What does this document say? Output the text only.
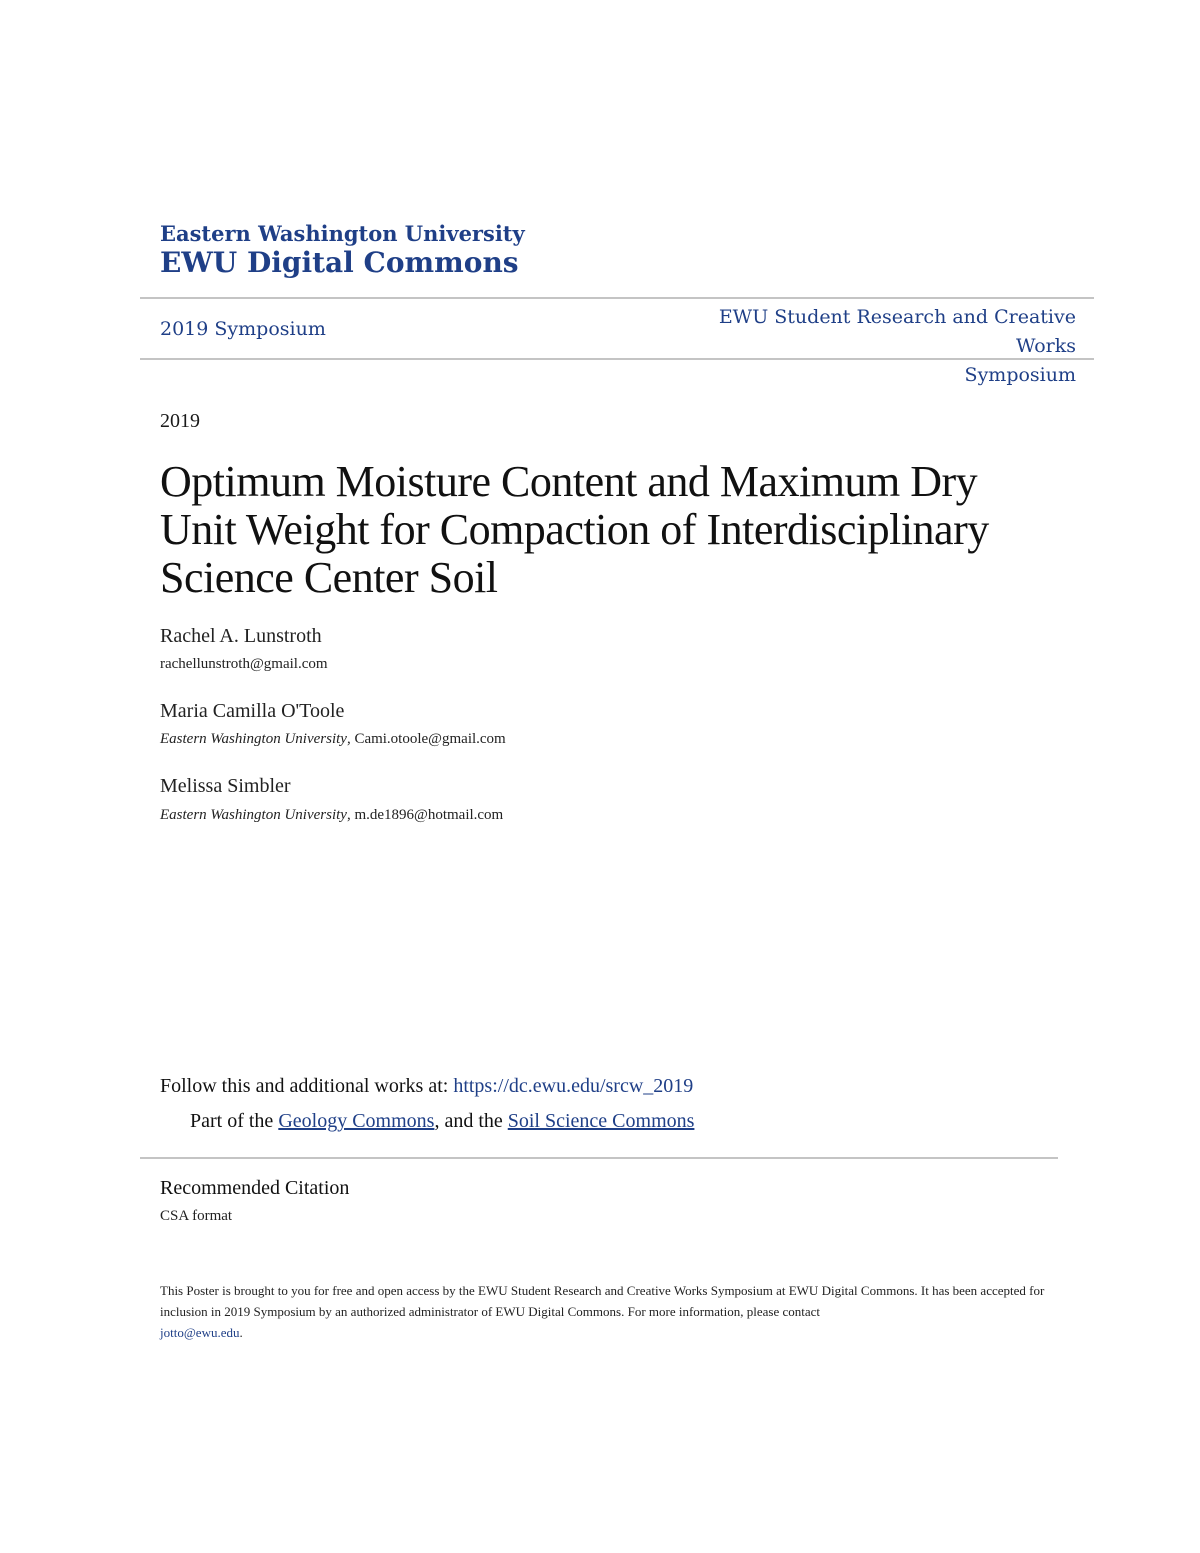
Eastern Washington University
EWU Digital Commons
2019 Symposium
EWU Student Research and Creative Works
Symposium
2019
Optimum Moisture Content and Maximum Dry Unit Weight for Compaction of Interdisciplinary Science Center Soil
Rachel A. Lunstroth
rachellunstroth@gmail.com
Maria Camilla O'Toole
Eastern Washington University, Cami.otoole@gmail.com
Melissa Simbler
Eastern Washington University, m.de1896@hotmail.com
Follow this and additional works at: https://dc.ewu.edu/srcw_2019
Part of the Geology Commons, and the Soil Science Commons
Recommended Citation
CSA format
This Poster is brought to you for free and open access by the EWU Student Research and Creative Works Symposium at EWU Digital Commons. It has been accepted for inclusion in 2019 Symposium by an authorized administrator of EWU Digital Commons. For more information, please contact
jotto@ewu.edu.
